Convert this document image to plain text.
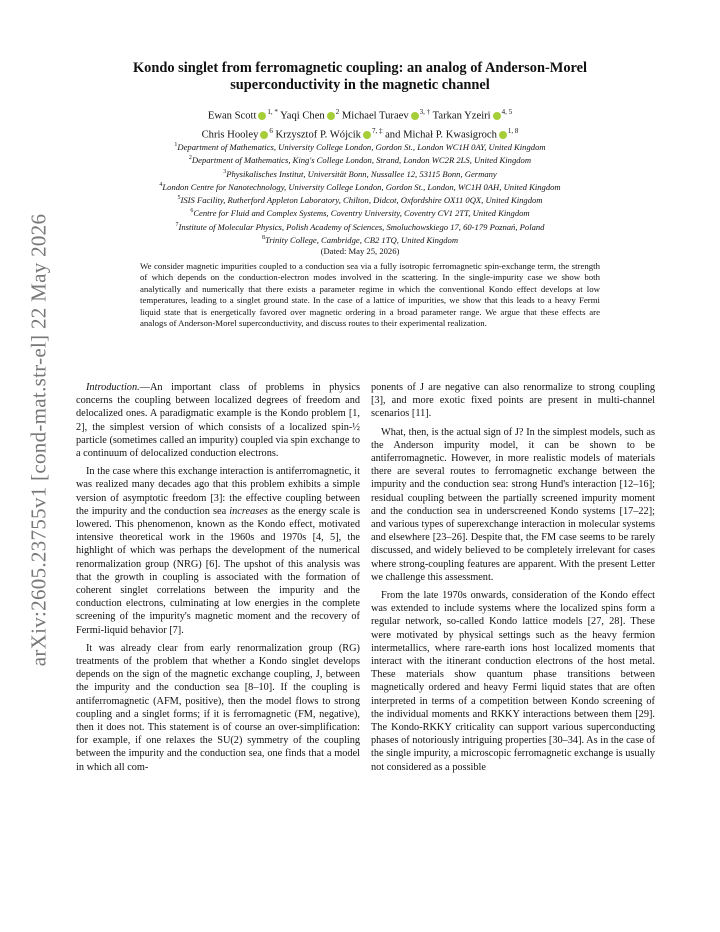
arXiv:2605.23755v1 [cond-mat.str-el] 22 May 2026
Kondo singlet from ferromagnetic coupling: an analog of Anderson-Morel
superconductivity in the magnetic channel
Ewan Scott $^{1, *}$ Yaqi Chen $^2$ Michael Turaev $^{3, \dagger}$ Tarkan Yzeiri $^{4, 5}$
Chris Hooley $^6$ Krzysztof P. Wójcik $^{7, \ddagger}$ and Michał P. Kwasigroch $^{1, 8}$
$^1$Department of Mathematics, University College London, Gordon St., London WC1H 0AY, United Kingdom
$^2$Department of Mathematics, King's College London, Strand, London WC2R 2LS, United Kingdom
$^3$Physikalisches Institut, Universität Bonn, Nussallee 12, 53115 Bonn, Germany
$^4$London Centre for Nanotechnology, University College London, Gordon St., London, WC1H 0AH, United Kingdom
$^5$ISIS Facility, Rutherford Appleton Laboratory, Chilton, Didcot, Oxfordshire OX11 0QX, United Kingdom
$^6$Centre for Fluid and Complex Systems, Coventry University, Coventry CV1 2TT, United Kingdom
$^7$Institute of Molecular Physics, Polish Academy of Sciences, Smoluchowskiego 17, 60-179 Poznań, Poland
$^8$Trinity College, Cambridge, CB2 1TQ, United Kingdom
(Dated: May 25, 2026)
We consider magnetic impurities coupled to a conduction sea via a fully isotropic ferromagnetic spin-exchange term, the strength of which depends on the conduction-electron modes involved in the scattering. In the single-impurity case we show both analytically and numerically that there exists a parameter regime in which the conventional Kondo effect develops at low temperatures, leading to a singlet ground state. In the case of a lattice of impurities, we show that this leads to a heavy Fermi liquid state that is energetically favored over magnetic ordering in a broad parameter range. We argue that these effects are analogs of Anderson-Morel superconductivity, and discuss routes to their experimental realization.

Introduction.—An important class of problems in physics concerns the coupling between localized degrees of freedom and delocalized ones. A paradigmatic example is the Kondo problem [1, 2], the simplest version of which consists of a localized spin-½ particle (sometimes called an impurity) coupled via spin exchange to a continuum of delocalized conduction electrons.

In the case where this exchange interaction is antiferromagnetic, it was realized many decades ago that this problem exhibits a simple version of asymptotic freedom [3]: the effective coupling between the impurity and the conduction sea increases as the energy scale is lowered. This phenomenon, known as the Kondo effect, motivated intensive theoretical work in the 1960s and 1970s [4, 5], the highlight of which was perhaps the development of the numerical renormalization group (NRG) [6]. The upshot of this analysis was that the growth in coupling is associated with the formation of coherent singlet correlations between the impurity and the conduction electrons, culminating at low energies in the complete screening of the impurity's magnetic moment and the recovery of Fermi-liquid behavior [7].

It was already clear from early renormalization group (RG) treatments of the problem that whether a Kondo singlet develops depends on the sign of the magnetic exchange coupling, J, between the impurity and the conduction sea [8–10]. If the coupling is antiferromagnetic (AFM, positive), then the model flows to strong coupling and a singlet forms; if it is ferromagnetic (FM, negative), then it does not. This statement is of course an over-simplification: for example, if one relaxes the SU(2) symmetry of the coupling between the impurity and the conduction sea, one finds that a model in which all com-

ponents of J are negative can also renormalize to strong coupling [3], and more exotic fixed points are present in multi-channel scenarios [11].

What, then, is the actual sign of J? In the simplest models, such as the Anderson impurity model, it can be shown to be antiferromagnetic. However, in more realistic models of materials there are several routes to ferromagnetic exchange between the impurity and the conduction sea: strong Hund's interaction [12–16]; residual coupling between the partially screened impurity moment and the conduction sea in underscreened Kondo systems [17–22]; and various types of superexchange interaction in molecular systems and elsewhere [23–26]. Despite that, the FM case seems to be rarely discussed, and widely believed to be completely irrelevant for cases where strong-coupling features are apparent. With the present Letter we challenge this assessment.

From the late 1970s onwards, consideration of the Kondo effect was extended to include systems where the localized spins form a regular network, so-called Kondo lattice models [27, 28]. These were motivated by physical settings such as the heavy fermion intermetallics, where rare-earth ions host localized moments that interact with the itinerant conduction electrons of the host metal. These materials show quantum phase transitions between magnetically ordered and heavy Fermi liquid states that are often interpreted in terms of a competition between Kondo screening of the individual moments and RKKY interactions between them [29]. The Kondo-RKKY criticality can support various superconducting phases of notoriously intriguing properties [30–34]. As in the case of the single impurity, a microscopic ferromagnetic exchange is usually not considered as a possible
